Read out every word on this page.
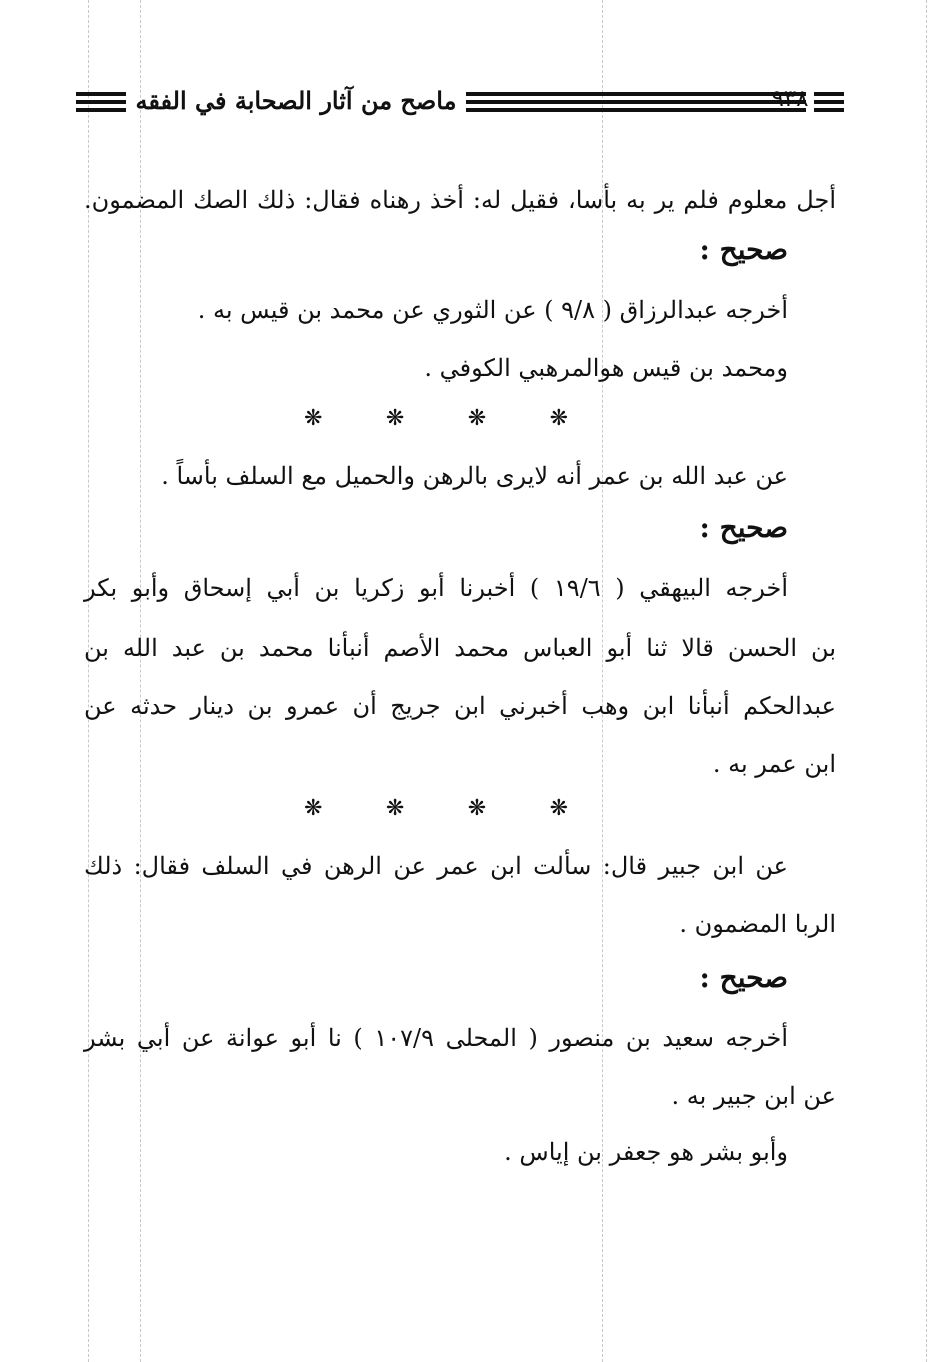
ماصح من آثار الصحابة في الفقه	٩٣٨
أجل معلوم فلم ير به بأسا، فقيل له: أخذ رهناه فقال: ذلك الصك المضمون.
صحيح :
أخرجه عبدالرزاق ( ٩/٨ ) عن الثوري عن محمد بن قيس به .
ومحمد بن قيس هوالمرهبي الكوفي .
❋
❋
❋
❋
عن عبد الله بن عمر أنه لايرى بالرهن والحميل مع السلف بأساً .
صحيح :
أخرجه البيهقي ( ١٩/٦ ) أخبرنا أبو زكريا بن أبي إسحاق وأبو بكر
بن الحسن قالا ثنا أبو العباس محمد الأصم أنبأنا محمد بن عبد الله بن
عبدالحكم أنبأنا ابن وهب أخبرني ابن جريج أن عمرو بن دينار حدثه عن
ابن عمر به .
❋
❋
❋
❋
عن ابن جبير قال: سألت ابن عمر عن الرهن في السلف فقال: ذلك
الربا المضمون .
صحيح :
أخرجه سعيد بن منصور ( المحلى ١٠٧/٩ ) نا أبو عوانة عن أبي بشر
عن ابن جبير به .
وأبو بشر هو جعفر بن إياس .
